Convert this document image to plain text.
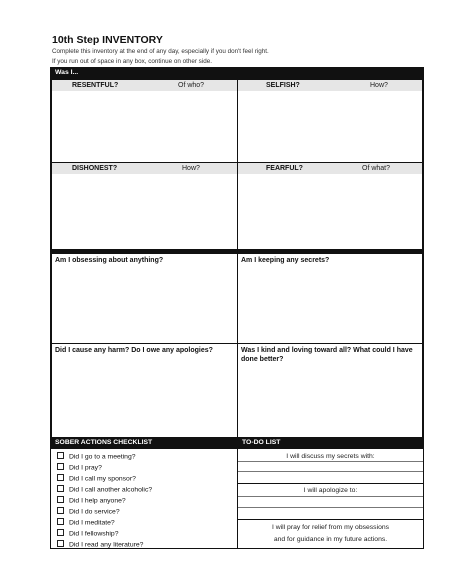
10th Step INVENTORY
Complete this inventory at the end of any day, especially if you don't feel right.
If you run out of space in any box, continue on other side.
Was I...
RESENTFUL?	Of who?	SELFISH?	How?
DISHONEST?	How?	FEARFUL?	Of what?
Am I obsessing about anything?	Am I keeping any secrets?
Did I cause any harm? Do I owe any apologies?	Was I kind and loving toward all? What could I have done better?
SOBER ACTIONS CHECKLIST	TO-DO LIST
Did I go to a meeting?
Did I pray?
Did I call my sponsor?
Did I call another alcoholic?
Did I help anyone?
Did I do service?
Did I meditate?
Did I fellowship?
Did I read any literature?
I will discuss my secrets with:
I will apologize to:
I will pray for relief from my obsessions
and for guidance in my future actions.
